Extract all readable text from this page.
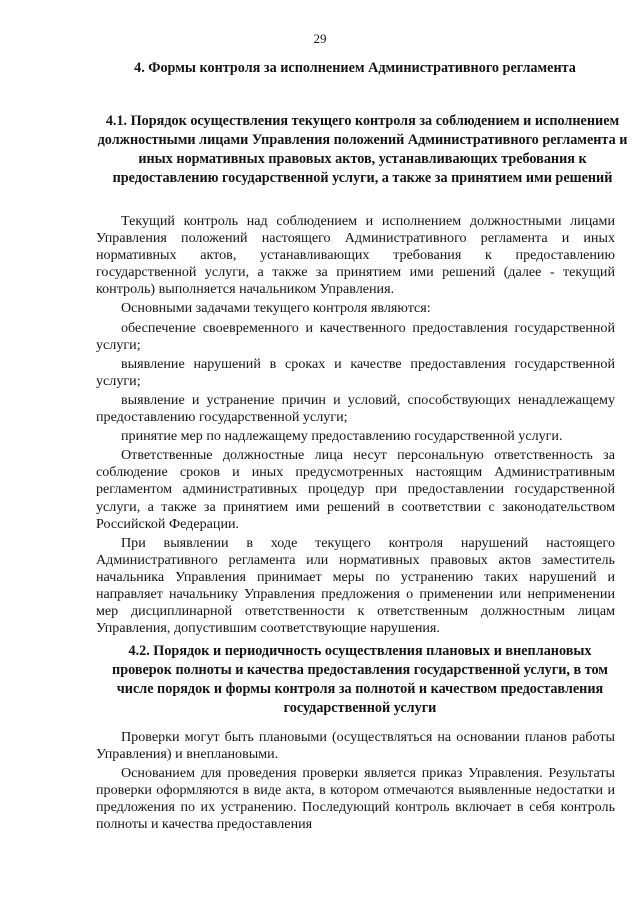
29
4. Формы контроля за исполнением Административного регламента
4.1. Порядок осуществления текущего контроля за соблюдением и исполнением должностными лицами Управления положений Административного регламента и иных нормативных правовых актов, устанавливающих требования к предоставлению государственной услуги, а также за принятием ими решений

Текущий контроль над соблюдением и исполнением должностными лицами Управления положений настоящего Административного регламента и иных нормативных актов, устанавливающих требования к предоставлению государственной услуги, а также за принятием ими решений (далее - текущий контроль) выполняется начальником Управления.

Основными задачами текущего контроля являются:

обеспечение своевременного и качественного предоставления государственной услуги;

выявление нарушений в сроках и качестве предоставления государственной услуги;

выявление и устранение причин и условий, способствующих ненадлежащему предоставлению государственной услуги;

принятие мер по надлежащему предоставлению государственной услуги.

Ответственные должностные лица несут персональную ответственность за соблюдение сроков и иных предусмотренных настоящим Административным регламентом административных процедур при предоставлении государственной услуги, а также за принятием ими решений в соответствии с законодательством Российской Федерации.

При выявлении в ходе текущего контроля нарушений настоящего Административного регламента или нормативных правовых актов заместитель начальника Управления принимает меры по устранению таких нарушений и направляет начальнику Управления предложения о применении или неприменении мер дисциплинарной ответственности к ответственным должностным лицам Управления, допустившим соответствующие нарушения.

4.2. Порядок и периодичность осуществления плановых и внеплановых проверок полноты и качества предоставления государственной услуги, в том числе порядок и формы контроля за полнотой и качеством предоставления государственной услуги

Проверки могут быть плановыми (осуществляться на основании планов работы Управления) и внеплановыми.

Основанием для проведения проверки является приказ Управления. Результаты проверки оформляются в виде акта, в котором отмечаются выявленные недостатки и предложения по их устранению. Последующий контроль включает в себя контроль полноты и качества предоставления
